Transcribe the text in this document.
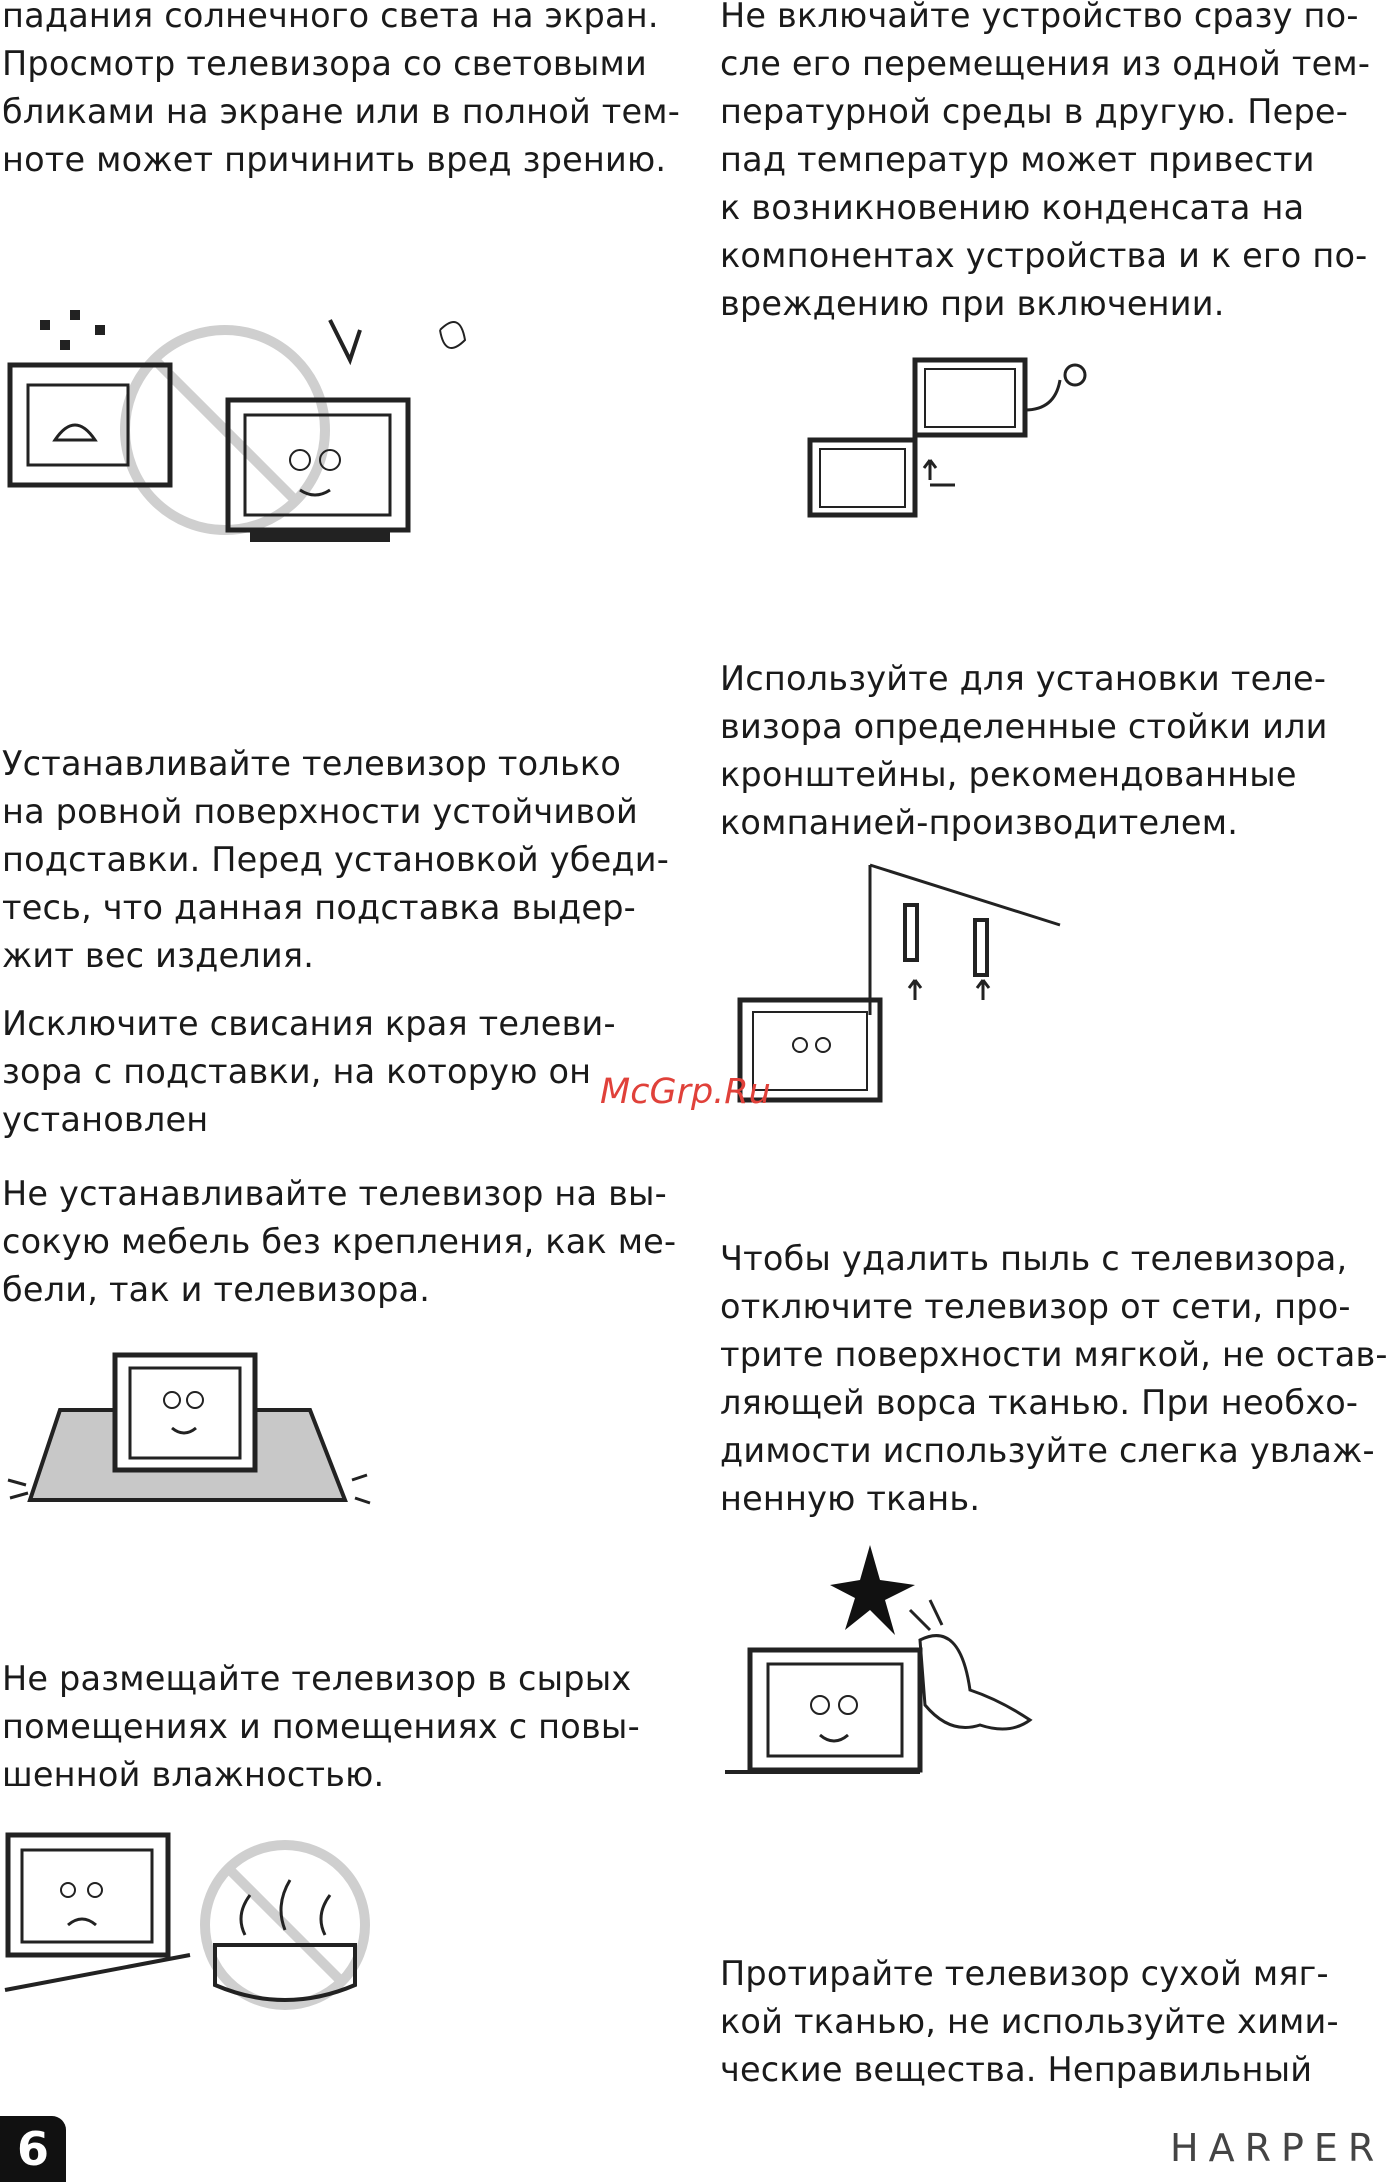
падания солнечного света на экран.
Просмотр телевизора со световыми
бликами на экране или в полной тем-
ноте может причинить вред зрению.
Устанавливайте телевизор только
на ровной поверхности устойчивой
подставки. Перед установкой убеди-
тесь, что данная подставка выдер-
жит вес изделия.
Исключите свисания края телеви-
зора с подставки, на которую он
установлен
Не устанавливайте телевизор на вы-
сокую мебель без крепления, как ме-
бели, так и телевизора.
Не размещайте телевизор в сырых
помещениях и помещениях с повы-
шенной влажностью.
Не включайте устройство сразу по-
сле его перемещения из одной тем-
пературной среды в другую. Пере-
пад температур может привести
к возникновению конденсата на
компонентах устройства и к его по-
вреждению при включении.
Используйте для установки теле-
визора определенные стойки или
кронштейны, рекомендованные
компанией-производителем.
Чтобы удалить пыль с телевизора,
отключите телевизор от сети, про-
трите поверхности мягкой, не остав-
ляющей ворса тканью. При необхо-
димости используйте слегка увлаж-
ненную ткань.
Протирайте телевизор сухой мяг-
кой тканью, не используйте хими-
ческие вещества. Неправильный
McGrp.Ru
6	HARPER
